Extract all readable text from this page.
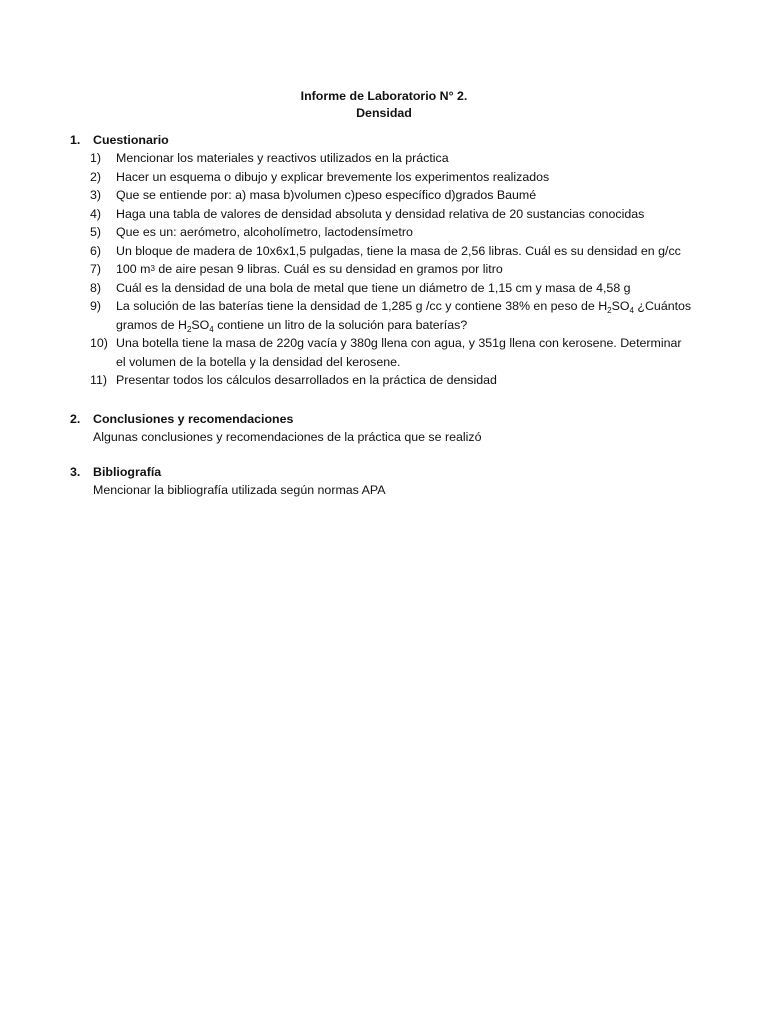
Informe de Laboratorio N° 2.
Densidad
1. Cuestionario
1) Mencionar los materiales y reactivos utilizados en la práctica
2) Hacer un esquema o dibujo y explicar brevemente los experimentos realizados
3) Que se entiende por: a) masa b)volumen c)peso específico d)grados Baumé
4) Haga una tabla de valores de densidad absoluta y densidad relativa de 20 sustancias conocidas
5) Que es un: aerómetro, alcoholímetro, lactodensímetro
6) Un bloque de madera de 10x6x1,5 pulgadas, tiene la masa de 2,56 libras. Cuál es su densidad en g/cc
7) 100 $m^3$ de aire pesan 9 libras. Cuál es su densidad en gramos por litro
8) Cuál es la densidad de una bola de metal que tiene un diámetro de 1,15 cm y masa de 4,58 g
9) La solución de las baterías tiene la densidad de 1,285 g /cc y contiene 38% en peso de $H_2SO_4$ ¿Cuántos
gramos de $H_2SO_4$ contiene un litro de la solución para baterías?
10) Una botella tiene la masa de 220g vacía y 380g llena con agua, y 351g llena con kerosene. Determinar
el volumen de la botella y la densidad del kerosene.
11) Presentar todos los cálculos desarrollados en la práctica de densidad
2. Conclusiones y recomendaciones
Algunas conclusiones y recomendaciones de la práctica que se realizó
3. Bibliografía
Mencionar la bibliografía utilizada según normas APA
